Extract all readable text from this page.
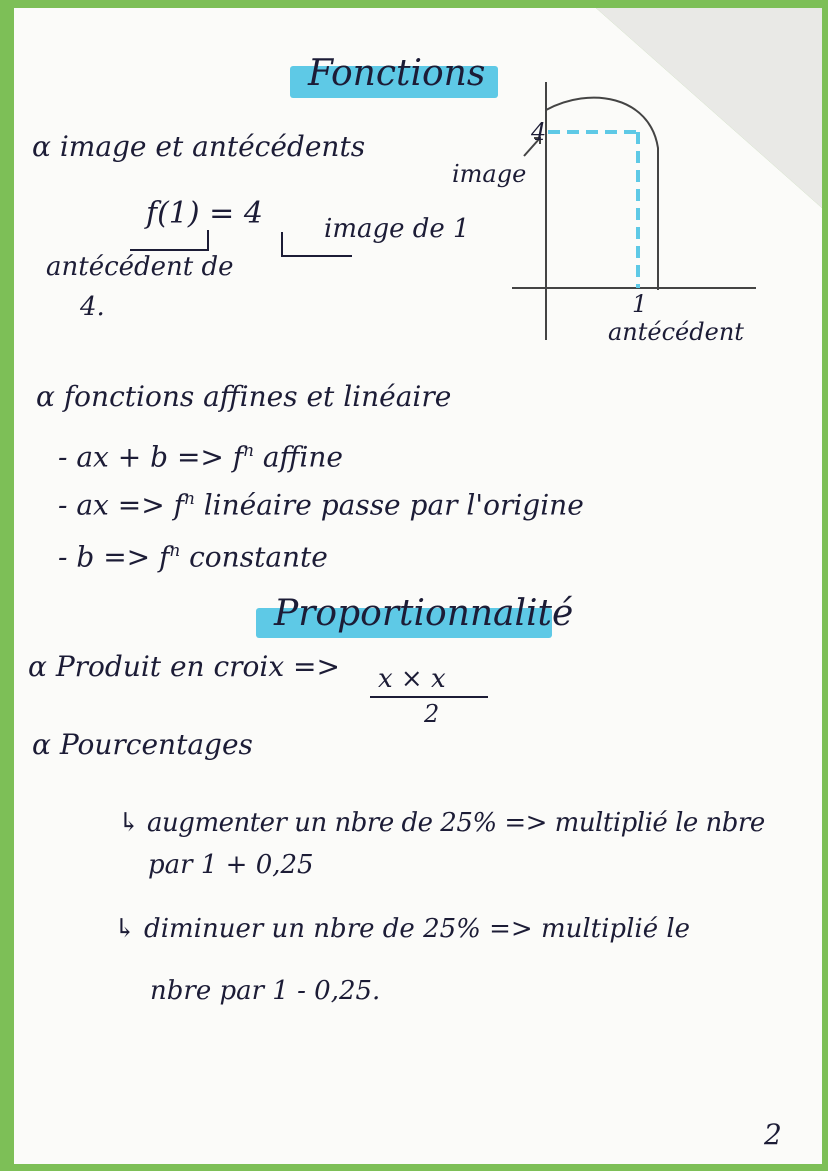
Fonctions
α image et antécédents
f(1) = 4 image de 1
antécédent de
4.
image
4
1
antécédent
α fonctions affines et linéaire
- ax + $b => f^n$ affine
- ax => $f^n$ linéaire passe par l'origine
- $b => f^n$ constante
Proportionnalité
α Produit en croix => x × x
2
α Pourcentages
↳ augmenter un nbre de 25% => multiplié le nbre
par 1 + 0,25
↳ diminuer un nbre de 25% => multiplié le
nbre par 1 - 0,25.
2
